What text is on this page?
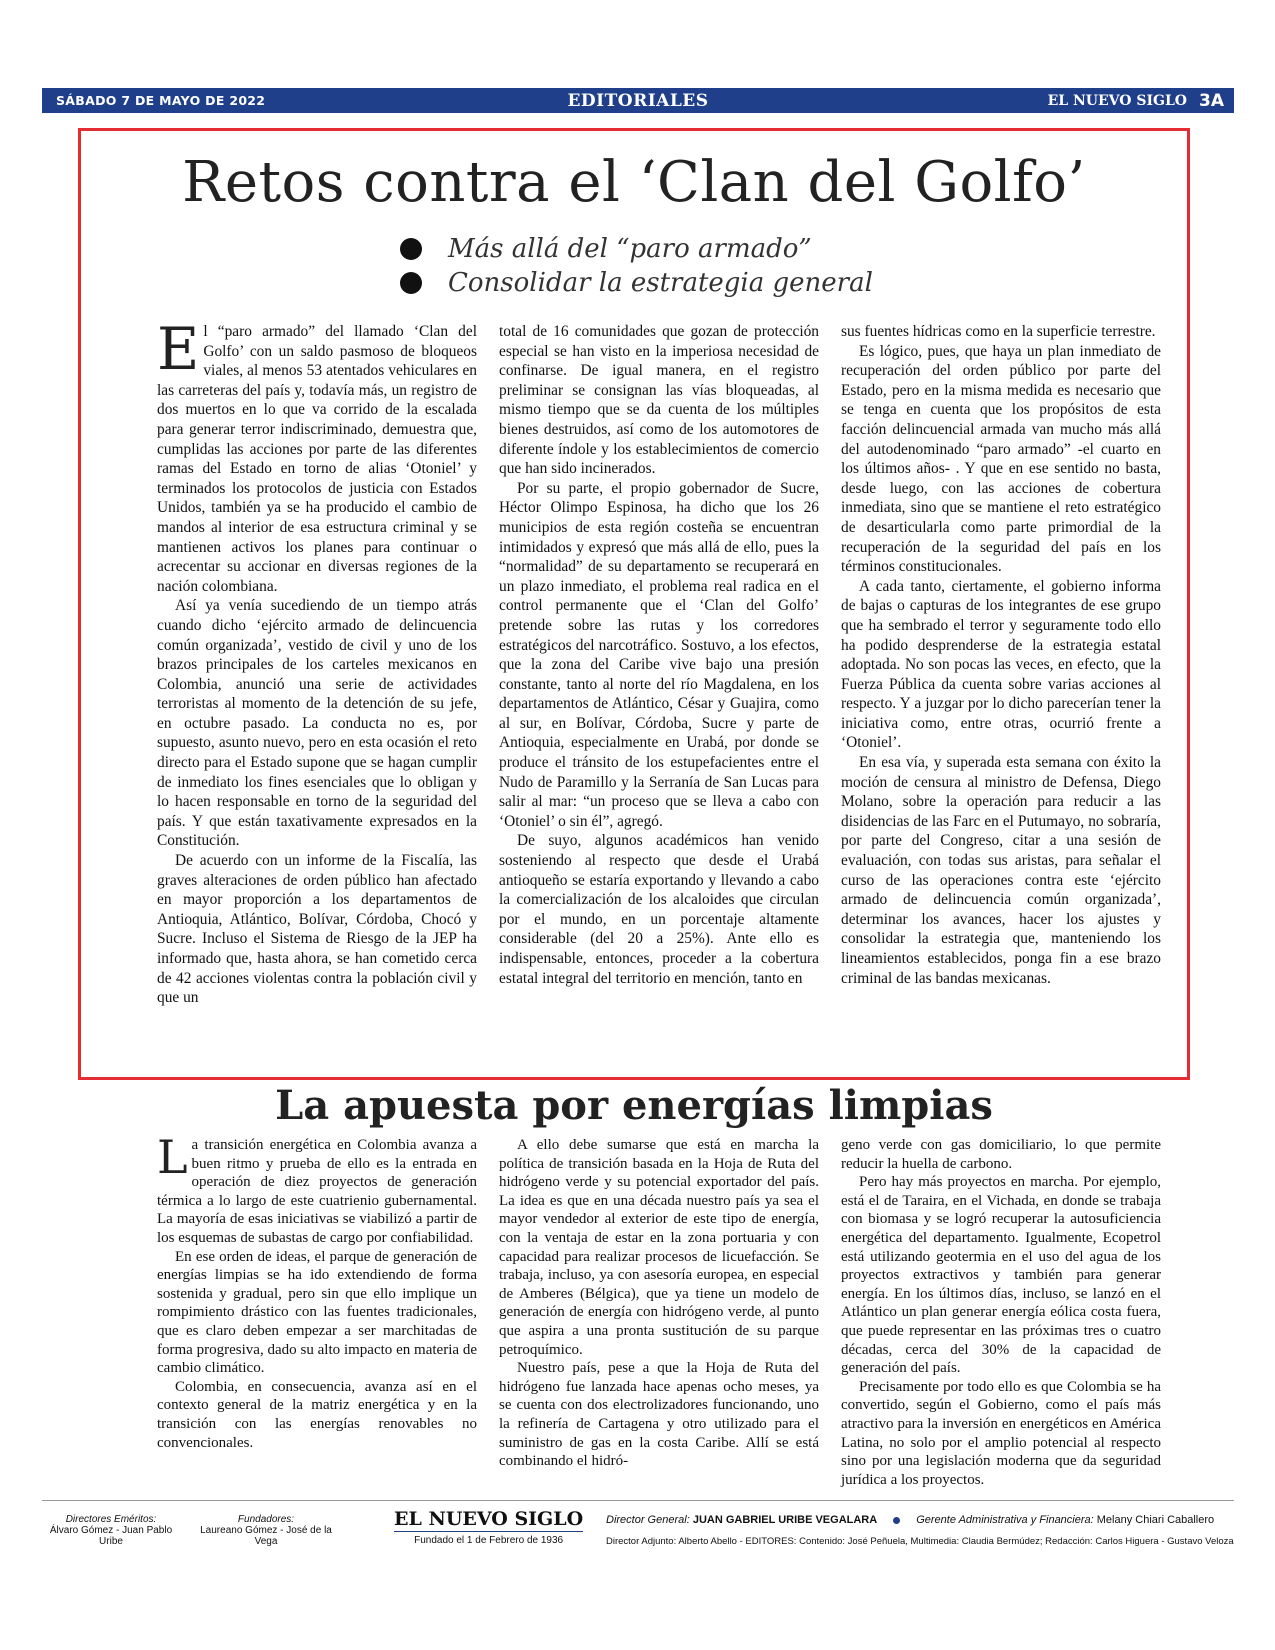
SÁBADO 7 DE MAYO DE 2022	EDITORIALES	EL NUEVO SIGLO 3A
Retos contra el ‘Clan del Golfo’
Más allá del “paro armado”
Consolidar la estrategia general

El “paro armado” del llamado ‘Clan del Golfo’ con un saldo pasmoso de bloqueos viales, al menos 53 atentados vehiculares en las carreteras del país y, todavía más, un registro de dos muertos en lo que va corrido de la escalada para generar terror indiscriminado, demuestra que, cumplidas las acciones por parte de las diferentes ramas del Estado en torno de alias ‘Otoniel’ y terminados los protocolos de justicia con Estados Unidos, también ya se ha producido el cambio de mandos al interior de esa estructura criminal y se mantienen activos los planes para continuar o acrecentar su accionar en diversas regiones de la nación colombiana.

Así ya venía sucediendo de un tiempo atrás cuando dicho ‘ejército armado de delincuencia común organizada’, vestido de civil y uno de los brazos principales de los carteles mexicanos en Colombia, anunció una serie de actividades terroristas al momento de la detención de su jefe, en octubre pasado. La conducta no es, por supuesto, asunto nuevo, pero en esta ocasión el reto directo para el Estado supone que se hagan cumplir de inmediato los fines esenciales que lo obligan y lo hacen responsable en torno de la seguridad del país. Y que están taxativamente expresados en la Constitución.

De acuerdo con un informe de la Fiscalía, las graves alteraciones de orden público han afectado en mayor proporción a los departamentos de Antioquia, Atlántico, Bolívar, Córdoba, Chocó y Sucre. Incluso el Sistema de Riesgo de la JEP ha informado que, hasta ahora, se han cometido cerca de 42 acciones violentas contra la población civil y que un

total de 16 comunidades que gozan de protección especial se han visto en la imperiosa necesidad de confinarse. De igual manera, en el registro preliminar se consignan las vías bloqueadas, al mismo tiempo que se da cuenta de los múltiples bienes destruidos, así como de los automotores de diferente índole y los establecimientos de comercio que han sido incinerados.

Por su parte, el propio gobernador de Sucre, Héctor Olimpo Espinosa, ha dicho que los 26 municipios de esta región costeña se encuentran intimidados y expresó que más allá de ello, pues la “normalidad” de su departamento se recuperará en un plazo inmediato, el problema real radica en el control permanente que el ‘Clan del Golfo’ pretende sobre las rutas y los corredores estratégicos del narcotráfico. Sostuvo, a los efectos, que la zona del Caribe vive bajo una presión constante, tanto al norte del río Magdalena, en los departamentos de Atlántico, César y Guajira, como al sur, en Bolívar, Córdoba, Sucre y parte de Antioquia, especialmente en Urabá, por donde se produce el tránsito de los estupefacientes entre el Nudo de Paramillo y la Serranía de San Lucas para salir al mar: “un proceso que se lleva a cabo con ‘Otoniel’ o sin él”, agregó.

De suyo, algunos académicos han venido sosteniendo al respecto que desde el Urabá antioqueño se estaría exportando y llevando a cabo la comercialización de los alcaloides que circulan por el mundo, en un porcentaje altamente considerable (del 20 a 25%). Ante ello es indispensable, entonces, proceder a la cobertura estatal integral del territorio en mención, tanto en

sus fuentes hídricas como en la superficie terrestre.

Es lógico, pues, que haya un plan inmediato de recuperación del orden público por parte del Estado, pero en la misma medida es necesario que se tenga en cuenta que los propósitos de esta facción delincuencial armada van mucho más allá del autodenominado “paro armado” -el cuarto en los últimos años- . Y que en ese sentido no basta, desde luego, con las acciones de cobertura inmediata, sino que se mantiene el reto estratégico de desarticularla como parte primordial de la recuperación de la seguridad del país en los términos constitucionales.

A cada tanto, ciertamente, el gobierno informa de bajas o capturas de los integrantes de ese grupo que ha sembrado el terror y seguramente todo ello ha podido desprenderse de la estrategia estatal adoptada. No son pocas las veces, en efecto, que la Fuerza Pública da cuenta sobre varias acciones al respecto. Y a juzgar por lo dicho parecerían tener la iniciativa como, entre otras, ocurrió frente a ‘Otoniel’.

En esa vía, y superada esta semana con éxito la moción de censura al ministro de Defensa, Diego Molano, sobre la operación para reducir a las disidencias de las Farc en el Putumayo, no sobraría, por parte del Congreso, citar a una sesión de evaluación, con todas sus aristas, para señalar el curso de las operaciones contra este ‘ejército armado de delincuencia común organizada’, determinar los avances, hacer los ajustes y consolidar la estrategia que, manteniendo los lineamientos establecidos, ponga fin a ese brazo criminal de las bandas mexicanas.

La apuesta por energías limpias

La transición energética en Colombia avanza a buen ritmo y prueba de ello es la entrada en operación de diez proyectos de generación térmica a lo largo de este cuatrienio gubernamental. La mayoría de esas iniciativas se viabilizó a partir de los esquemas de subastas de cargo por confiabilidad.

En ese orden de ideas, el parque de generación de energías limpias se ha ido extendiendo de forma sostenida y gradual, pero sin que ello implique un rompimiento drástico con las fuentes tradicionales, que es claro deben empezar a ser marchitadas de forma progresiva, dado su alto impacto en materia de cambio climático.

Colombia, en consecuencia, avanza así en el contexto general de la matriz energética y en la transición con las energías renovables no convencionales.

A ello debe sumarse que está en marcha la política de transición basada en la Hoja de Ruta del hidrógeno verde y su potencial exportador del país. La idea es que en una década nuestro país ya sea el mayor vendedor al exterior de este tipo de energía, con la ventaja de estar en la zona portuaria y con capacidad para realizar procesos de licuefacción. Se trabaja, incluso, ya con asesoría europea, en especial de Amberes (Bélgica), que ya tiene un modelo de generación de energía con hidrógeno verde, al punto que aspira a una pronta sustitución de su parque petroquímico.

Nuestro país, pese a que la Hoja de Ruta del hidrógeno fue lanzada hace apenas ocho meses, ya se cuenta con dos electrolizadores funcionando, uno la refinería de Cartagena y otro utilizado para el suministro de gas en la costa Caribe. Allí se está combinando el hidró-

geno verde con gas domiciliario, lo que permite reducir la huella de carbono.

Pero hay más proyectos en marcha. Por ejemplo, está el de Taraira, en el Vichada, en donde se trabaja con biomasa y se logró recuperar la autosuficiencia energética del departamento. Igualmente, Ecopetrol está utilizando geotermia en el uso del agua de los proyectos extractivos y también para generar energía. En los últimos días, incluso, se lanzó en el Atlántico un plan generar energía eólica costa fuera, que puede representar en las próximas tres o cuatro décadas, cerca del 30% de la capacidad de generación del país.

Precisamente por todo ello es que Colombia se ha convertido, según el Gobierno, como el país más atractivo para la inversión en energéticos en América Latina, no solo por el amplio potencial al respecto sino por una legislación moderna que da seguridad jurídica a los proyectos.

Directores Eméritos:
Álvaro Gómez - Juan Pablo Uribe
Fundadores:
Laureano Gómez - José de la Vega
EL NUEVO SIGLO
Fundado el 1 de Febrero de 1936
Director General: JUAN GABRIEL URIBE VEGALARA	Gerente Administrativa y Financiera: Melany Chiari Caballero
Director Adjunto: Alberto Abello - EDITORES: Contenido: José Peñuela, Multimedia: Claudia Bermúdez; Redacción: Carlos Higuera - Gustavo Veloza
